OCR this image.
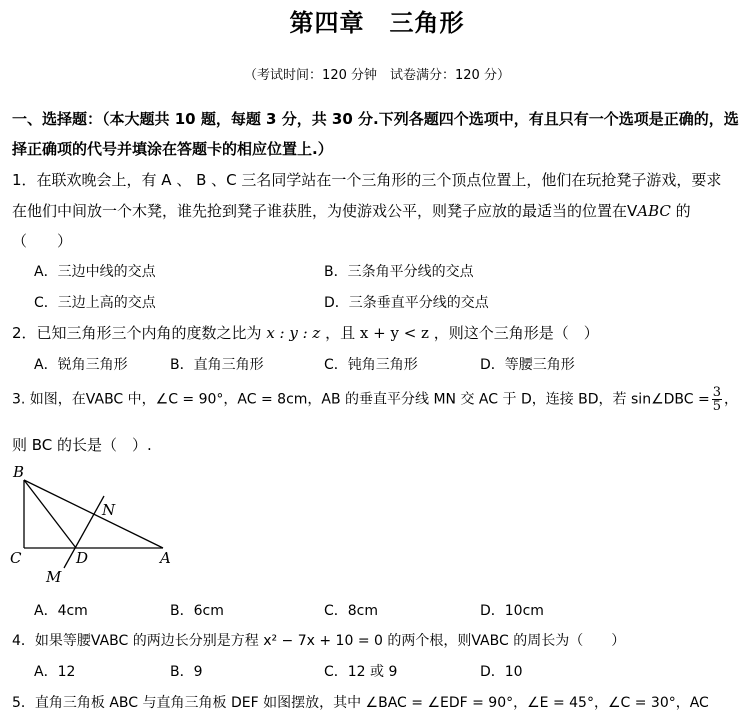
第四章　三角形
（考试时间：120 分钟　试卷满分：120 分）
一、选择题：（本大题共 10 题，每题 3 分，共 30 分.下列各题四个选项中，有且只有一个选项是正确的，选
择正确项的代号并填涂在答题卡的相应位置上.）
1．在联欢晚会上，有 A 、 B 、C 三名同学站在一个三角形的三个顶点位置上，他们在玩抢凳子游戏，要求
在他们中间放一个木凳，谁先抢到凳子谁获胜，为使游戏公平，则凳子应放的最适当的位置在VABC 的
（　　）
A．三边中线的交点	B．三条角平分线的交点
C．三边上高的交点	D．三条垂直平分线的交点
2．已知三角形三个内角的度数之比为 x : y : z ，且 x + y < z ，则这个三角形是（　）
A．锐角三角形	B．直角三角形	C．钝角三角形	D．等腰三角形
3. 如图，在VABC 中，∠C = 90°，AC = 8cm，AB 的垂直平分线 MN 交 AC 于 D，连接 BD，若 sin∠DBC = $\frac{3}{5}$ ，
则 BC 的长是（　）.
B
C	D	A
N
M
A．4cm	B．6cm	C．8cm	D．10cm
4．如果等腰VABC 的两边长分别是方程 x² − 7x + 10 = 0 的两个根，则VABC 的周长为（　　）
A．12	B．9	C．12 或 9	D．10
5．直角三角板 ABC 与直角三角板 DEF 如图摆放，其中 ∠BAC = ∠EDF = 90°，∠E = 45°，∠C = 30°，AC
